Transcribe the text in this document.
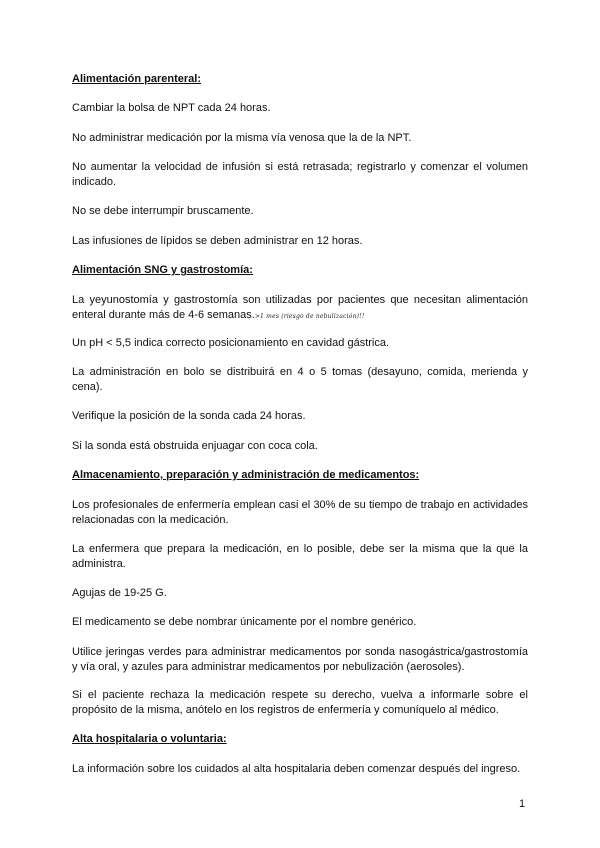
Alimentación parenteral:

Cambiar la bolsa de NPT cada 24 horas.

No administrar medicación por la misma vía venosa que la de la NPT.

No aumentar la velocidad de infusión si está retrasada; registrarlo y comenzar el volumen indicado.

No se debe interrumpir bruscamente.

Las infusiones de lípidos se deben administrar en 12 horas.

Alimentación SNG y gastrostomía:

La yeyunostomía y gastrostomía son utilizadas por pacientes que necesitan alimentación enteral durante más de 4-6 semanas.>1 mes (riesgo de nebulización)!!

Un pH < 5,5 indica correcto posicionamiento en cavidad gástrica.

La administración en bolo se distribuirá en 4 o 5 tomas (desayuno, comida, merienda y cena).

Verifique la posición de la sonda cada 24 horas.

Si la sonda está obstruida enjuagar con coca cola.

Almacenamiento, preparación y administración de medicamentos:

Los profesionales de enfermería emplean casi el 30% de su tiempo de trabajo en actividades relacionadas con la medicación.

La enfermera que prepara la medicación, en lo posible, debe ser la misma que la que la administra.

Agujas de 19-25 G.

El medicamento se debe nombrar únicamente por el nombre genérico.

Utilice jeringas verdes para administrar medicamentos por sonda nasogástrica/gastrostomía y vía oral, y azules para administrar medicamentos por nebulización (aerosoles).

Si el paciente rechaza la medicación respete su derecho, vuelva a informarle sobre el propósito de la misma, anótelo en los registros de enfermería y comuníquelo al médico.

Alta hospitalaria o voluntaria:

La información sobre los cuidados al alta hospitalaria deben comenzar después del ingreso.

1
